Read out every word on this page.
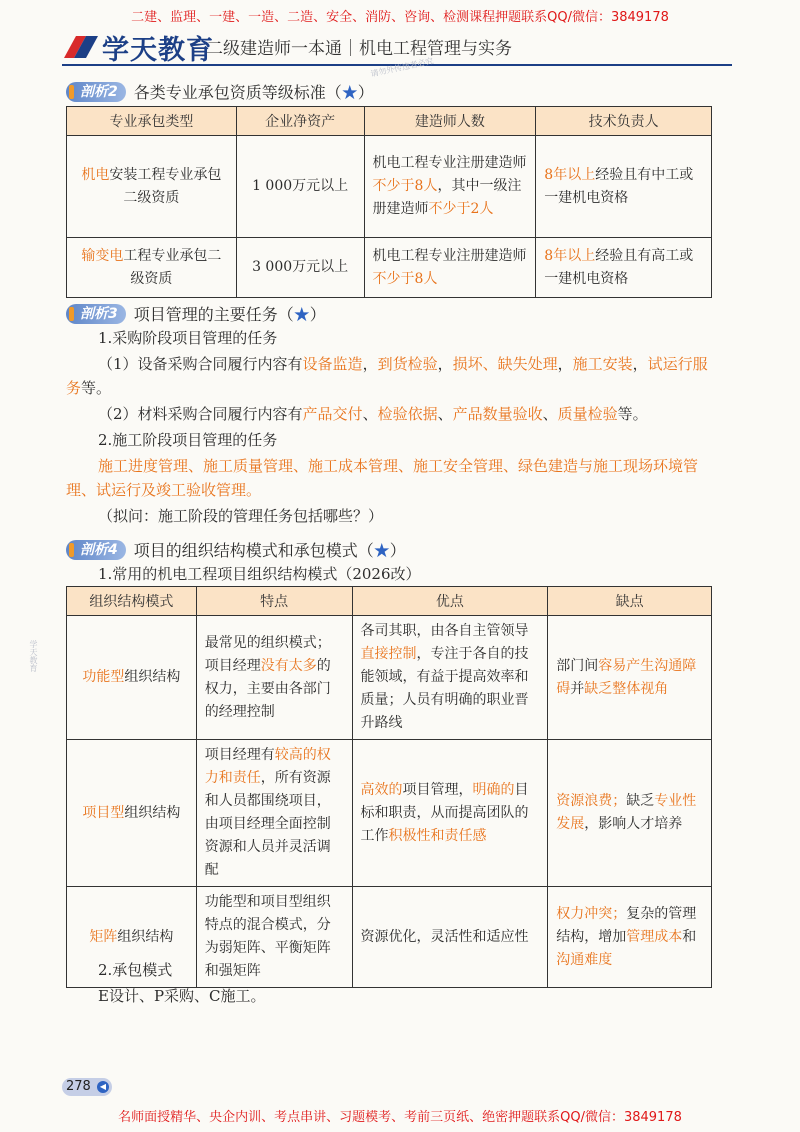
二建、监理、一建、一造、二造、安全、消防、咨询、检测课程押题联系QQ/微信：3849178
学天教育
二级建造师一本通｜机电工程管理与实务
请勿外传违者必究
剖析2 各类专业承包资质等级标准（★）
专业承包类型	企业净资产	建造师人数	技术负责人
机电安装工程专业承包二级资质	1 000万元以上	机电工程专业注册建造师不少于8人，其中一级注册建造师不少于2人	8年以上经验且有中工或一建机电资格
输变电工程专业承包二级资质	3 000万元以上	机电工程专业注册建造师不少于8人	8年以上经验且有高工或一建机电资格
剖析3 项目管理的主要任务（★）
1.采购阶段项目管理的任务
（1）设备采购合同履行内容有设备监造，到货检验，损坏、缺失处理，施工安装，试运行服务等。
（2）材料采购合同履行内容有产品交付、检验依据、产品数量验收、质量检验等。
2.施工阶段项目管理的任务
施工进度管理、施工质量管理、施工成本管理、施工安全管理、绿色建造与施工现场环境管理、试运行及竣工验收管理。
（拟问：施工阶段的管理任务包括哪些？）
剖析4 项目的组织结构模式和承包模式（★）
1.常用的机电工程项目组织结构模式（2026改）
组织结构模式	特点	优点	缺点
功能型组织结构	最常见的组织模式；项目经理没有太多的权力，主要由各部门的经理控制	各司其职，由各自主管领导直接控制，专注于各自的技能领域，有益于提高效率和质量；人员有明确的职业晋升路线	部门间容易产生沟通障碍并缺乏整体视角
项目型组织结构	项目经理有较高的权力和责任，所有资源和人员都围绕项目，由项目经理全面控制资源和人员并灵活调配	高效的项目管理，明确的目标和职责，从而提高团队的工作积极性和责任感	资源浪费；缺乏专业性发展，影响人才培养
矩阵组织结构	功能型和项目型组织特点的混合模式，分为弱矩阵、平衡矩阵和强矩阵	资源优化，灵活性和适应性	权力冲突；复杂的管理结构，增加管理成本和沟通难度
2.承包模式
E设计、P采购、C施工。
学天教育
278	◀
名师面授精华、央企内训、考点串讲、习题模考、考前三页纸、绝密押题联系QQ/微信：3849178
